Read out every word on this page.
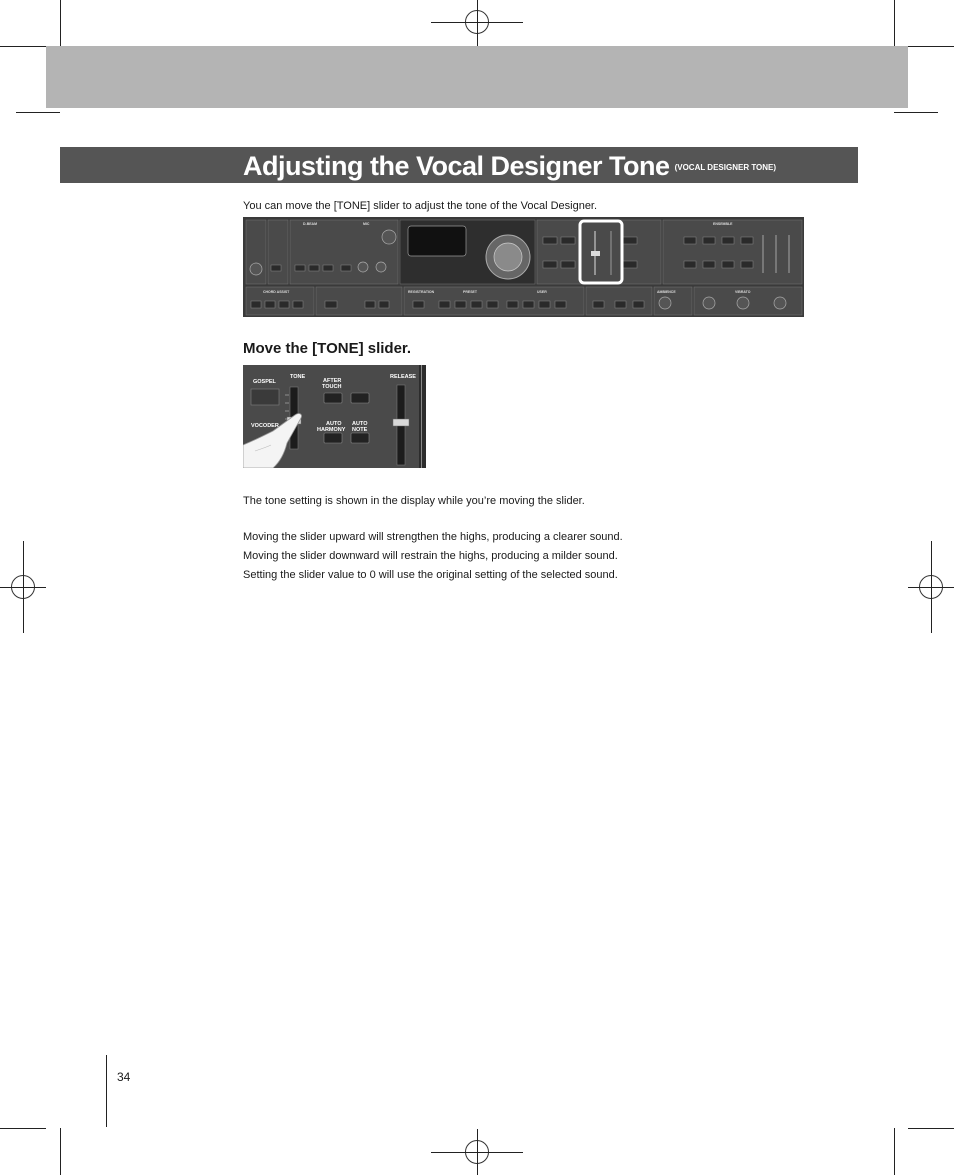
Adjusting the Vocal Designer Tone (VOCAL DESIGNER TONE)
You can move the [TONE] slider to adjust the tone of the Vocal Designer.
D-BEAM	MIC	ENSEMBLE
CHORD ASSIST	REGISTRATION	PRESET	USER	AMBIENCE	VIBRATO
Move the [TONE] slider.
GOSPEL
TONE
AFTER
TOUCH
RELEASE
VOCODER	AUTO
HARMONY
AUTO
NOTE
The tone setting is shown in the display while you’re moving the slider.
Moving the slider upward will strengthen the highs, producing a clearer sound.
Moving the slider downward will restrain the highs, producing a milder sound.
Setting the slider value to 0 will use the original setting of the selected sound.
34
